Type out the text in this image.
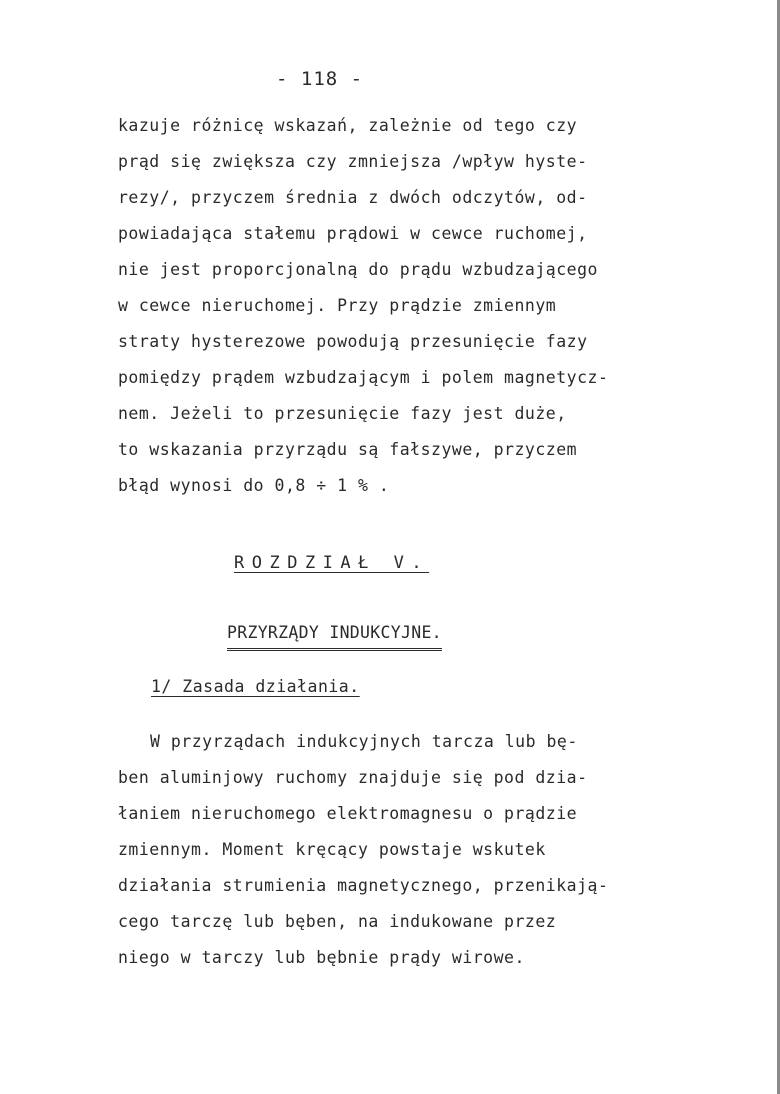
- 118 -
kazuje różnicę wskazań, zależnie od tego czy
prąd się zwiększa czy zmniejsza /wpływ hyste-
rezy/, przyczem średnia z dwóch odczytów, od-
powiadająca stałemu prądowi w cewce ruchomej,
nie jest proporcjonalną do prądu wzbudzającego
w cewce nieruchomej. Przy prądzie zmiennym
straty hysterezowe powodują przesunięcie fazy
pomiędzy prądem wzbudzającym i polem magnetycz-
nem. Jeżeli to przesunięcie fazy jest duże,
to wskazania przyrządu są fałszywe, przyczem
błąd wynosi do 0,8 ÷ 1 % .
ROZDZIAŁ V.
PRZYRZĄDY INDUKCYJNE.
1/ Zasada działania.
W przyrządach indukcyjnych tarcza lub bę-
ben aluminjowy ruchomy znajduje się pod dzia-
łaniem nieruchomego elektromagnesu o prądzie
zmiennym. Moment kręcący powstaje wskutek
działania strumienia magnetycznego, przenikają-
cego tarczę lub bęben, na indukowane przez
niego w tarczy lub bębnie prądy wirowe.
